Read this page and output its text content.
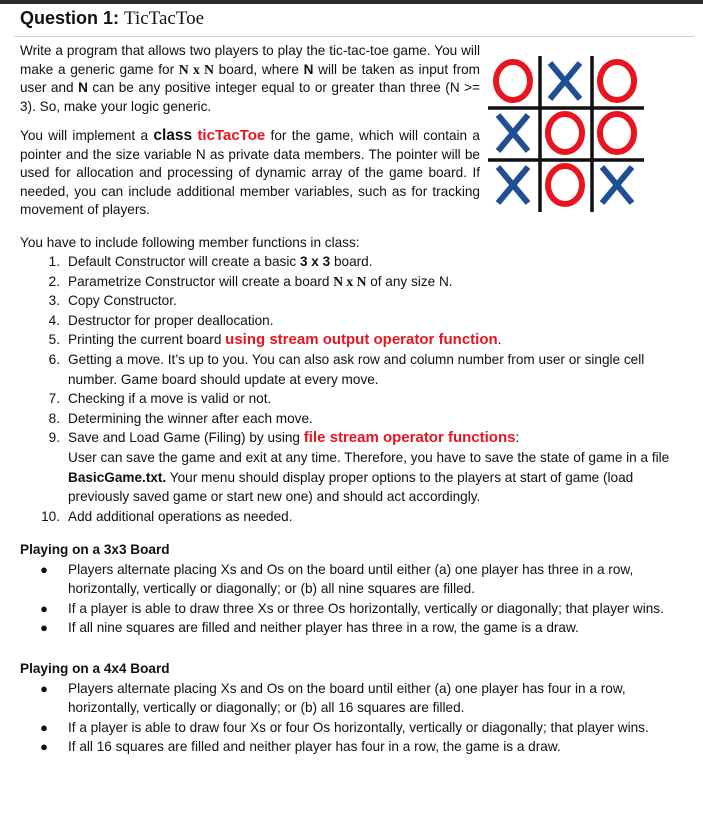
Question 1: TicTacToe
Write a program that allows two players to play the tic-tac-toe game. You will make a generic game for N x N board, where N will be taken as input from user and N can be any positive integer equal to or greater than three (N >= 3). So, make your logic generic.
You will implement a class ticTacToe for the game, which will contain a pointer and the size variable N as private data members. The pointer will be used for allocation and processing of dynamic array of the game board. If needed, you can include additional member variables, such as for tracking movement of players.
You have to include following member functions in class:
1. Default Constructor will create a basic 3 x 3 board.
2. Parametrize Constructor will create a board N x N of any size N.
3. Copy Constructor.
4. Destructor for proper deallocation.
5. Printing the current board using stream output operator function.
6. Getting a move. It’s up to you. You can also ask row and column number from user or single cell number. Game board should update at every move.
7. Checking if a move is valid or not.
8. Determining the winner after each move.
9. Save and Load Game (Filing) by using file stream operator functions:

User can save the game and exit at any time. Therefore, you have to save the state of game in a file BasicGame.txt. Your menu should display proper options to the players at start of game (load previously saved game or start new one) and should act accordingly.

10. Add additional operations as needed.

Playing on a 3x3 Board

●	Players alternate placing Xs and Os on the board until either (a) one player has three in a row, horizontally, vertically or diagonally; or (b) all nine squares are filled.
●	If a player is able to draw three Xs or three Os horizontally, vertically or diagonally; that player wins.
●	If all nine squares are filled and neither player has three in a row, the game is a draw.

Playing on a 4x4 Board

●	Players alternate placing Xs and Os on the board until either (a) one player has four in a row, horizontally, vertically or diagonally; or (b) all 16 squares are filled.
●	If a player is able to draw four Xs or four Os horizontally, vertically or diagonally; that player wins.
●	If all 16 squares are filled and neither player has four in a row, the game is a draw.
